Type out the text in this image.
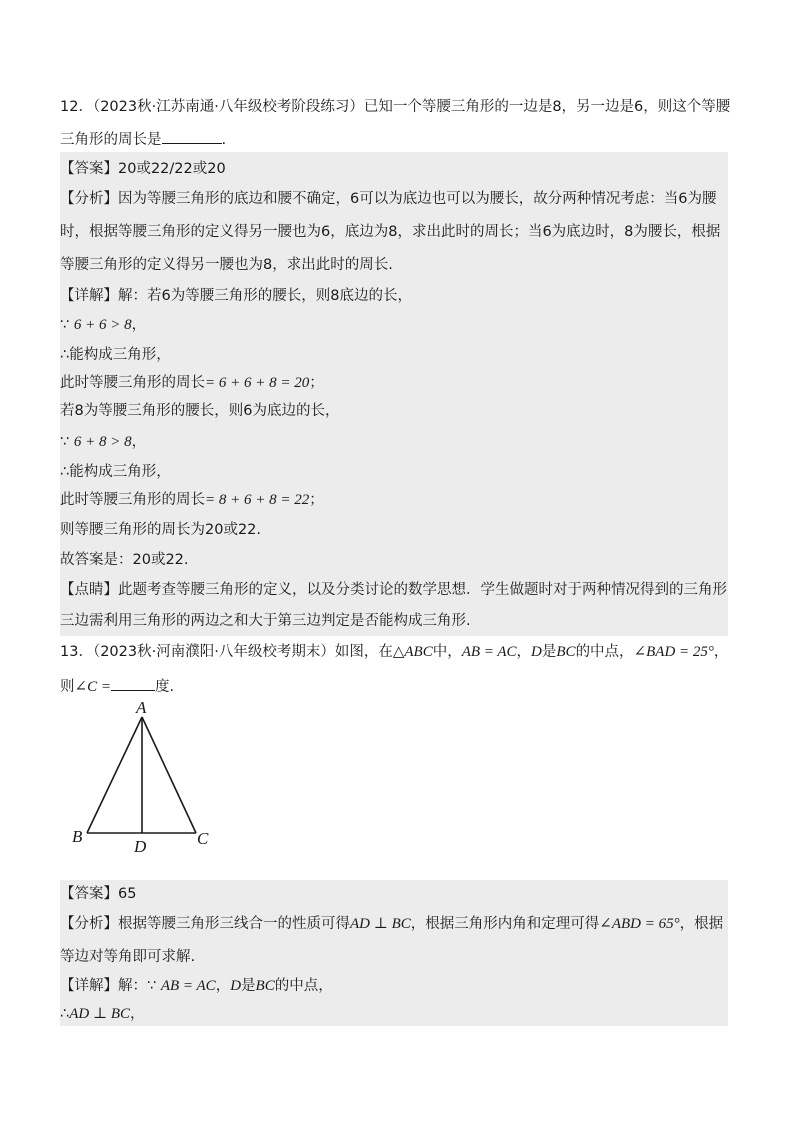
12．（2023秋·江苏南通·八年级校考阶段练习）已知一个等腰三角形的一边是8，另一边是6，则这个等腰
三角形的周长是	.
【答案】20或22/22或20
【分析】因为等腰三角形的底边和腰不确定，6可以为底边也可以为腰长，故分两种情况考虑：当6为腰
时，根据等腰三角形的定义得另一腰也为6，底边为8，求出此时的周长；当6为底边时，8为腰长，根据
等腰三角形的定义得另一腰也为8，求出此时的周长.
【详解】解：若6为等腰三角形的腰长，则8底边的长，
∵ 6 + 6 > 8，
∴能构成三角形，
此时等腰三角形的周长= 6 + 6 + 8 = 20；
若8为等腰三角形的腰长，则6为底边的长，
∵ 6 + 8 > 8，
∴能构成三角形，
此时等腰三角形的周长= 8 + 6 + 8 = 22；
则等腰三角形的周长为20或22.
故答案是：20或22.
【点睛】此题考查等腰三角形的定义，以及分类讨论的数学思想．学生做题时对于两种情况得到的三角形
三边需利用三角形的两边之和大于第三边判定是否能构成三角形.
13．（2023秋·河南濮阳·八年级校考期末）如图，在△ABC中，AB = AC，D是BC的中点，∠BAD = 25°，
则∠C =	度.
A
B	C
D
【答案】65
【分析】根据等腰三角形三线合一的性质可得AD ⊥ BC，根据三角形内角和定理可得∠ABD = 65°，根据
等边对等角即可求解.
【详解】解：∵ AB = AC，D是BC的中点，
∴AD ⊥ BC，
